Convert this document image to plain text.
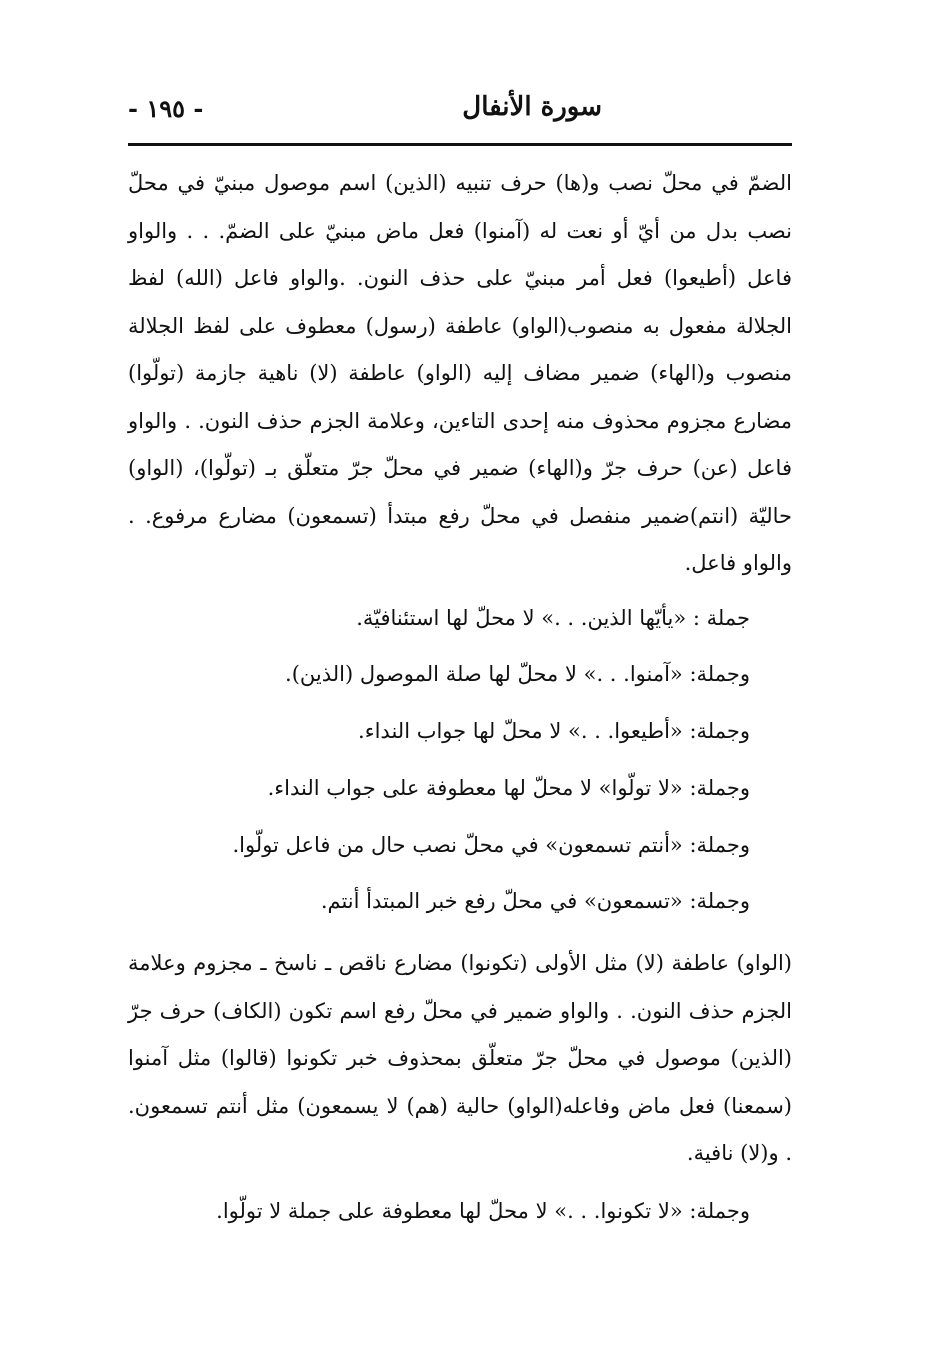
- ١٩٥ -	سورة الأنفال

الضمّ في محلّ نصب و(ها) حرف تنبيه (الذين) اسم موصول مبنيّ في محلّ نصب بدل من أيّ أو نعت له (آمنوا) فعل ماض مبنيّ على الضمّ. . . والواو فاعل (أطيعوا) فعل أمر مبنيّ على حذف النون. .والواو فاعل (الله) لفظ الجلالة مفعول به منصوب(الواو) عاطفة (رسول) معطوف على لفظ الجلالة منصوب و(الهاء) ضمير مضاف إليه (الواو) عاطفة (لا) ناهية جازمة (تولّوا) مضارع مجزوم محذوف منه إحدى التاءين، وعلامة الجزم حذف النون. . والواو فاعل (عن) حرف جرّ و(الهاء) ضمير في محلّ جرّ متعلّق بـ (تولّوا)، (الواو) حاليّة (انتم)ضمير منفصل في محلّ رفع مبتدأ (تسمعون) مضارع مرفوع. . والواو فاعل.

جملة : «يأيّها الذين. . .» لا محلّ لها استئنافيّة.

وجملة: «آمنوا. . .» لا محلّ لها صلة الموصول (الذين).

وجملة: «أطيعوا. . .» لا محلّ لها جواب النداء.

وجملة: «لا تولّوا» لا محلّ لها معطوفة على جواب النداء.

وجملة: «أنتم تسمعون» في محلّ نصب حال من فاعل تولّوا.

وجملة: «تسمعون» في محلّ رفع خبر المبتدأ أنتم.

(الواو) عاطفة (لا) مثل الأولى (تكونوا) مضارع ناقص ـ ناسخ ـ مجزوم وعلامة الجزم حذف النون. . والواو ضمير في محلّ رفع اسم تكون (الكاف) حرف جرّ (الذين) موصول في محلّ جرّ متعلّق بمحذوف خبر تكونوا (قالوا) مثل آمنوا (سمعنا) فعل ماض وفاعله(الواو) حالية (هم) لا يسمعون) مثل أنتم تسمعون. . و(لا) نافية.

وجملة: «لا تكونوا. . .» لا محلّ لها معطوفة على جملة لا تولّوا.
